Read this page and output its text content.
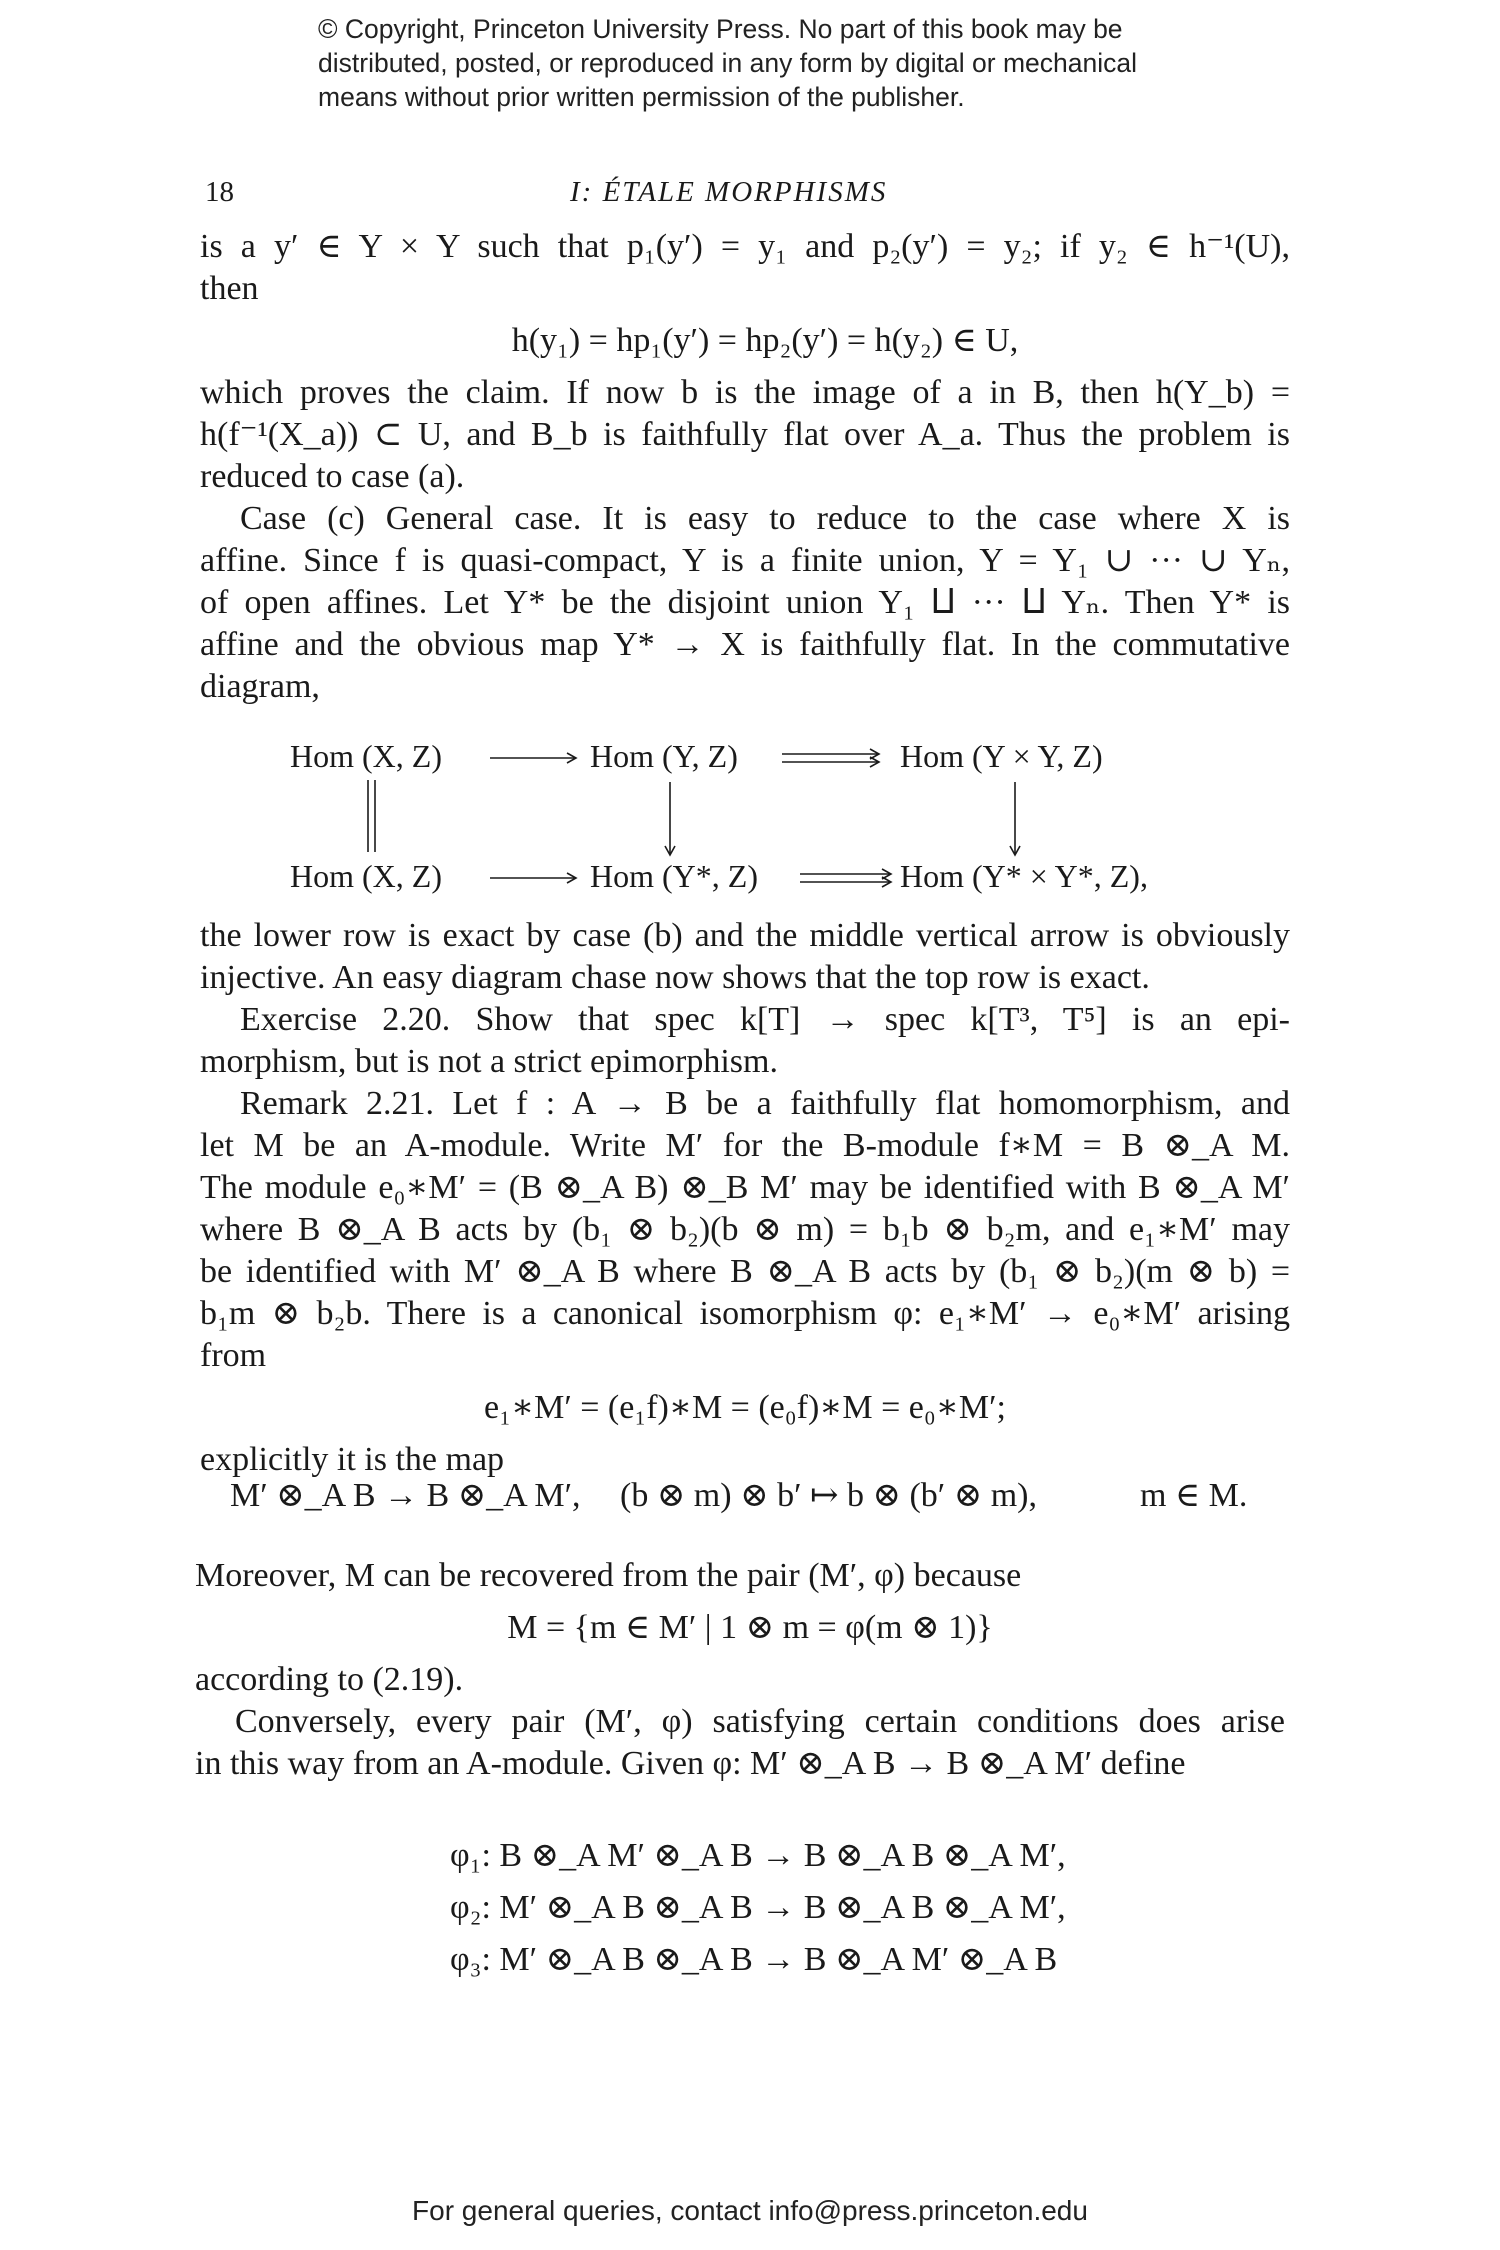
© Copyright, Princeton University Press. No part of this book may be
distributed, posted, or reproduced in any form by digital or mechanical
means without prior written permission of the publisher.
18	I: ÉTALE MORPHISMS
is a y′ ∈ Y × Y such that p₁(y′) = y₁ and p₂(y′) = y₂; if y₂ ∈ h⁻¹(U),
then
h(y₁) = hp₁(y′) = hp₂(y′) = h(y₂) ∈ U,
which proves the claim. If now b is the image of a in B, then h(Y_b) =
h(f⁻¹(X_a)) ⊂ U, and B_b is faithfully flat over A_a. Thus the problem is
reduced to case (a).
Case (c) General case. It is easy to reduce to the case where X is
affine. Since f is quasi-compact, Y is a finite union, Y = Y₁ ∪ ··· ∪ Yₙ,
of open affines. Let Y* be the disjoint union Y₁ ⨿ ··· ⨿ Yₙ. Then Y* is
affine and the obvious map Y* → X is faithfully flat. In the commutative
diagram,
Hom (X, Z)	Hom (Y, Z)	Hom (Y × Y, Z)
Hom (X, Z)	Hom (Y*, Z)	Hom (Y* × Y*, Z),
the lower row is exact by case (b) and the middle vertical arrow is obviously
injective. An easy diagram chase now shows that the top row is exact.
Exercise 2.20. Show that spec k[T] → spec k[T³, T⁵] is an epi-
morphism, but is not a strict epimorphism.
Remark 2.21. Let f : A → B be a faithfully flat homomorphism, and
let M be an A-module. Write M′ for the B-module f∗M = B ⊗_A M.
The module e₀∗M′ = (B ⊗_A B) ⊗_B M′ may be identified with B ⊗_A M′
where B ⊗_A B acts by (b₁ ⊗ b₂)(b ⊗ m) = b₁b ⊗ b₂m, and e₁∗M′ may
be identified with M′ ⊗_A B where B ⊗_A B acts by (b₁ ⊗ b₂)(m ⊗ b) =
b₁m ⊗ b₂b. There is a canonical isomorphism φ: e₁∗M′ → e₀∗M′ arising
from
e₁∗M′ = (e₁f)∗M = (e₀f)∗M = e₀∗M′;
explicitly it is the map
M′ ⊗_A B → B ⊗_A M′, (b ⊗ m) ⊗ b′ ↦ b ⊗ (b′ ⊗ m),	m ∈ M.
Moreover, M can be recovered from the pair (M′, φ) because
M = {m ∈ M′ | 1 ⊗ m = φ(m ⊗ 1)}
according to (2.19).
Conversely, every pair (M′, φ) satisfying certain conditions does arise
in this way from an A-module. Given φ: M′ ⊗_A B → B ⊗_A M′ define
φ₁: B ⊗_A M′ ⊗_A B → B ⊗_A B ⊗_A M′,
φ₂: M′ ⊗_A B ⊗_A B → B ⊗_A B ⊗_A M′,
φ₃: M′ ⊗_A B ⊗_A B → B ⊗_A M′ ⊗_A B
For general queries, contact info@press.princeton.edu
